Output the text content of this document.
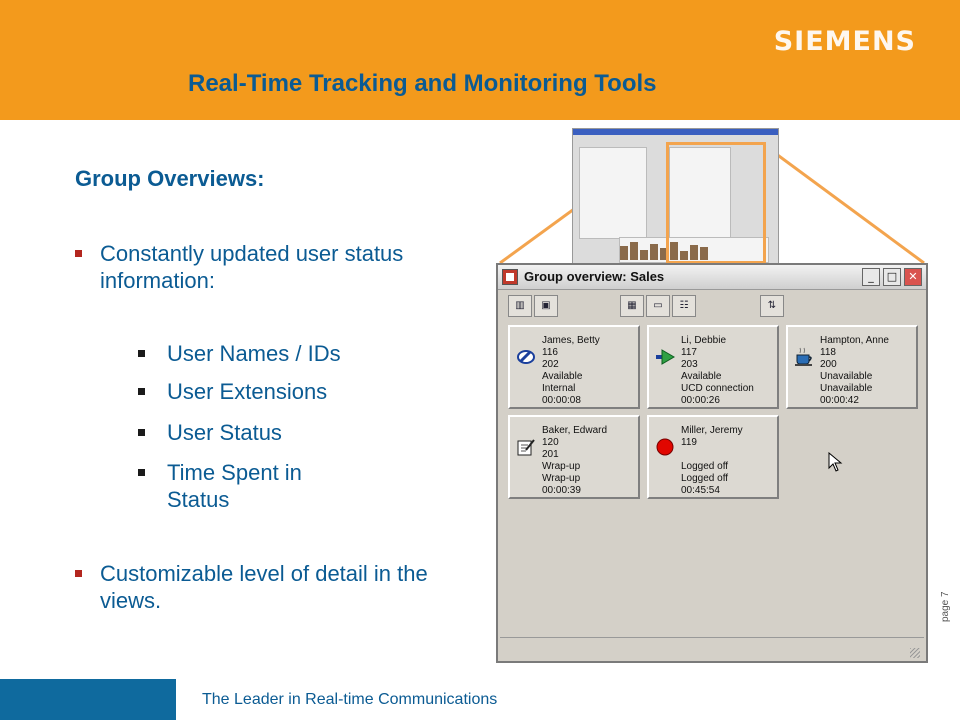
SIEMENS
Real-Time Tracking and Monitoring Tools
Group Overviews:
Constantly updated user status information:
User Names / IDs
User Extensions
User Status
Time Spent in Status
Customizable level of detail in the views.
Group overview: Sales	_	□	✕
▥	▣	▦	▭	☷	⇅
James, Betty
116
202
Available
Internal
00:00:08
Li, Debbie
117
203
Available
UCD connection
00:00:26
Hampton, Anne
118
200
Unavailable
Unavailable
00:00:42
Baker, Edward
120
201
Wrap-up
Wrap-up
00:00:39
Miller, Jeremy
119

Logged off
Logged off
00:45:54
The Leader in Real-time Communications
page 7
